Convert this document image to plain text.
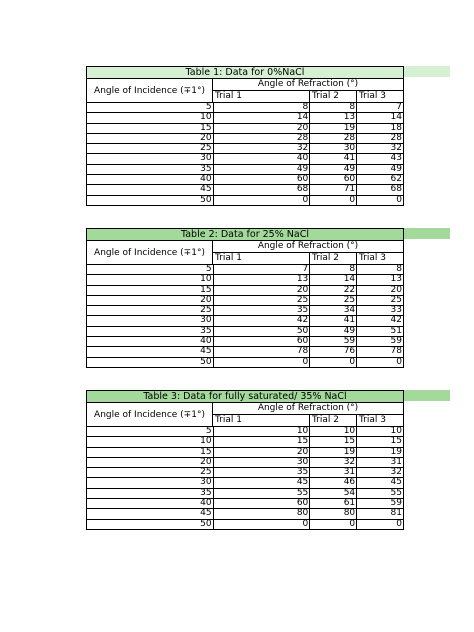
Table 1: Data for 0%NaCl
Angle of Incidence (∓1°)
Angle of Refraction (°)
Trial 1	Trial 2	Trial 3
5	8	8	7
10	14	13	14
15	20	19	18
20	28	28	28
25	32	30	32
30	40	41	43
35	49	49	49
40	60	60	62
45	68	71	68
50	0	0	0
Table 2: Data for 25% NaCl
Angle of Incidence (∓1°)
Angle of Refraction (°)
Trial 1	Trial 2	Trial 3
5	7	8	8
10	13	14	13
15	20	22	20
20	25	25	25
25	35	34	33
30	42	41	42
35	50	49	51
40	60	59	59
45	78	76	78
50	0	0	0
Table 3: Data for fully saturated/ 35% NaCl
Angle of Incidence (∓1°)
Angle of Refraction (°)
Trial 1	Trial 2	Trial 3
5	10	10	10
10	15	15	15
15	20	19	19
20	30	32	31
25	35	31	32
30	45	46	45
35	55	54	55
40	60	61	59
45	80	80	81
50	0	0	0
